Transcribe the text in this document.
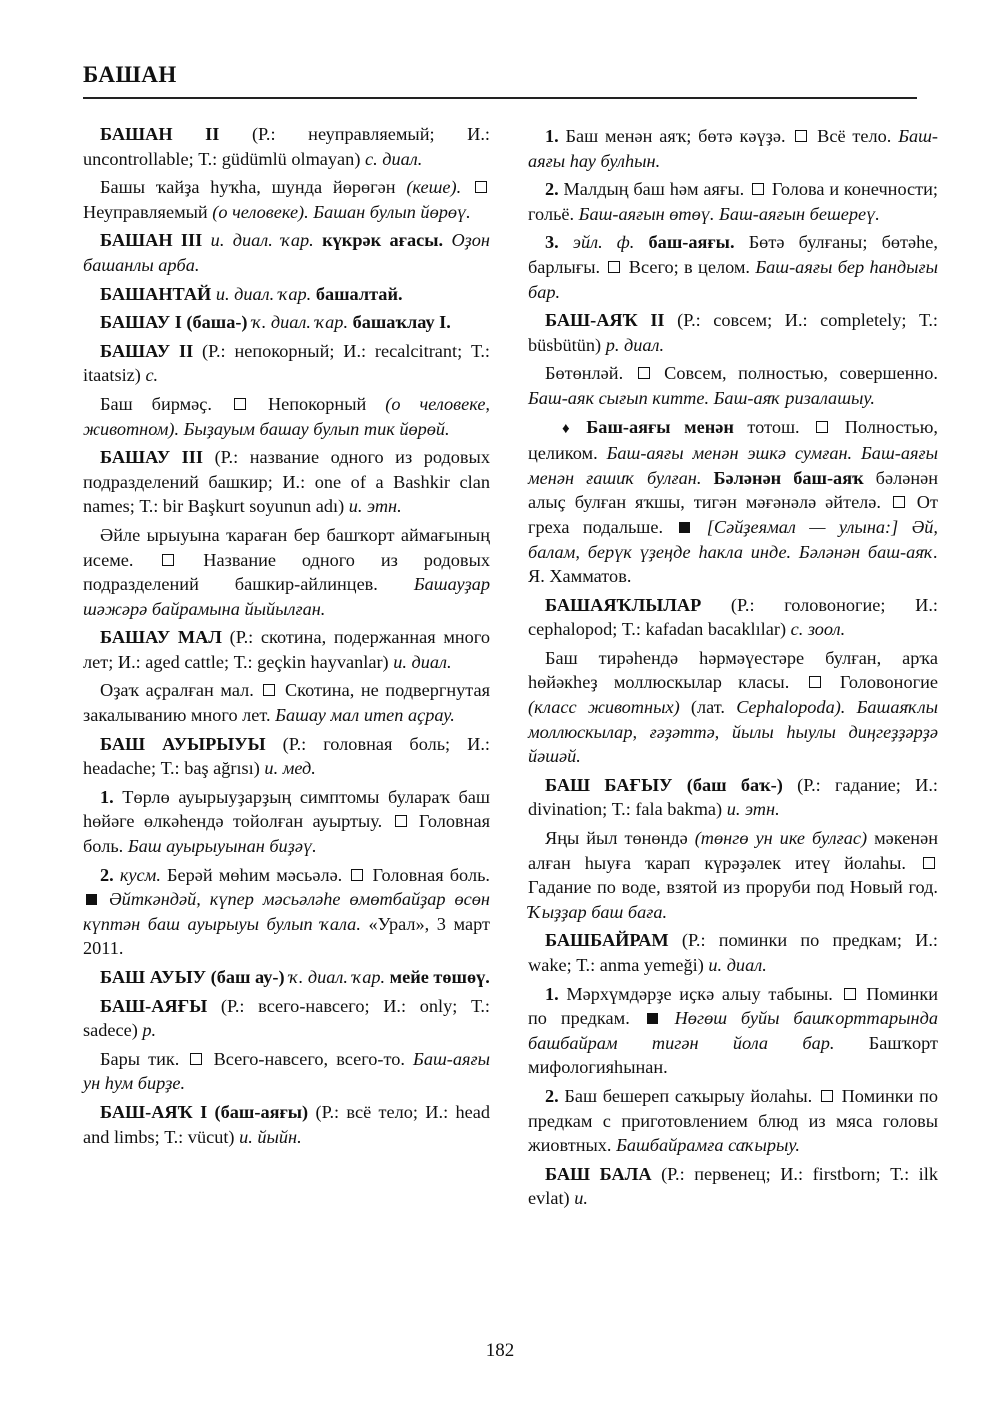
БАШАН

БАШАН II (Р.: неуправляемый; И.: uncontrollable; Т.: güdümlü olmayan) с. диал.

Башы ҡайҙа һуҡһа, шунда йөрөгән (кеше).  Неуправляемый (о человеке). Башан булып йөрөү.

БАШАН III и. диал. ҡар. күкрәк ағасы. Оҙон башанлы арба.

БАШАНТАЙ и. диал. ҡар. башалтай.

БАШАУ I (баша-) ҡ. диал. ҡар. башаҡлау I.

БАШАУ II (Р.: непокорный; И.: recalcitrant; Т.: itaatsiz) с.

Баш бирмәҫ.  Непокорный (о человеке, животном). Быҙауым башау булып тик йөрөй.

БАШАУ III (Р.: название одного из родовых подразделений башкир; И.: one of a Bashkir clan names; Т.: bir Başkurt soyunun adı) и. этн.

Әйле ырыуына ҡараған бер башҡорт аймағының исеме.  Название одного из родовых подразделений башкир-айлинцев. Башауҙар шәжәрә байрамына йыйылған.

БАШАУ МАЛ (Р.: скотина, подержанная много лет; И.: aged cattle; Т.: geçkin hayvanlar) и. диал.

Оҙаҡ аҫралған мал.  Скотина, не подвергнутая закалыванию много лет. Башау мал итеп аҫрау.

БАШ АУЫРЫУЫ (Р.: головная боль; И.: headache; Т.: baş ağrısı) и. мед.

1. Төрлө ауырыуҙарҙың симптомы булараҡ баш һөйәге өлкәһендә тойолған ауыртыу.  Головная боль. Баш ауырыуынан биҙәү.

2. кусм. Берәй мөһим мәсьәлә.  Головная боль.  Әйткәндәй, күпер мәсьәләһе өмөтбайҙар өсөн күптән баш ауырыуы булып ҡала. «Урал», 3 март 2011.

БАШ АУЫУ (баш ау-) ҡ. диал. ҡар. мейе төшөү.

БАШ-АЯҒЫ (Р.: всего-навсего; И.: only; Т.: sadece) р.

Бары тик.  Всего-навсего, всего-то. Баш-аяғы ун һум бирҙе.

БАШ-АЯҠ I (баш-аяғы) (Р.: всё тело; И.: head and limbs; Т.: vücut) и. йыйн.

1. Баш менән аяҡ; бөтә кәүҙә.  Всё тело. Баш-аяғы һау булһын.

2. Малдың баш һәм аяғы.  Голова и конечности; гольё. Баш-аяғын өтөү. Баш-аяғын бешереү.

3. эйл. ф. баш-аяғы. Бөтә булғаны; бөтәһе, барлығы.  Всего; в целом. Баш-аяғы бер һандығы бар.

БАШ-АЯҠ II (Р.: совсем; И.: completely; Т.: büsbütün) р. диал.

Бөтөнләй.  Совсем, полностью, совершенно. Баш-аяк сығып китте. Баш-аяҡ ризалашыу.

♦ Баш-аяғы менән тотош.  Полностью, целиком. Баш-аяғы менән эшкә сумған. Баш-аяғы менән ғашиҡ булған. Бәләнән баш-аяҡ бәләнән алыҫ булған яҡшы, тигән мәғәнәлә әйтелә.  От греха подальше.  [Сәйҙеямал — улына:] Әй, балам, берүк үҙеңде һакла инде. Бәләнән баш-аяҡ. Я. Хамматов.

БАШАЯҠЛЫЛАР (Р.: головоногие; И.: cephalopod; Т.: kafadan bacaklılar) с. зоол.

Баш тирәһендә һәрмәүестәре булған, арҡа һөйәкһеҙ моллюскылар класы.  Головоногие (класс животных) (лат. Cephalopoda). Башаяҡлы моллюскылар, ғәҙәттә, йылы һыулы диңгеҙҙәрҙә йәшәй.

БАШ БАҒЫУ (баш баҡ-) (Р.: гадание; И.: divination; Т.: fala bakma) и. этн.

Яңы йыл төнөндә (төнгө ун ике булғас) мәкенән алған һыуға ҡарап күрәҙәлек итеү йолаһы.  Гадание по воде, взятой из проруби под Новый год. Ҡыҙҙар баш баға.

БАШБАЙРАМ (Р.: поминки по предкам; И.: wake; Т.: anma yemeği) и. диал.

1. Мәрхүмдәрҙе иҫкә алыу табыны.  Поминки по предкам.  Нөгөш буйы башҡорттарында башбайрам тигән йола бар. Башҡорт мифологияһынан.

2. Баш бешереп саҡырыу йолаһы.  Поминки по предкам с приготовлением блюд из мяса головы жиовтных. Башбайрамға саҡырыу.

БАШ БАЛА (Р.: первенец; И.: firstborn; Т.: ilk evlat) и.

182
